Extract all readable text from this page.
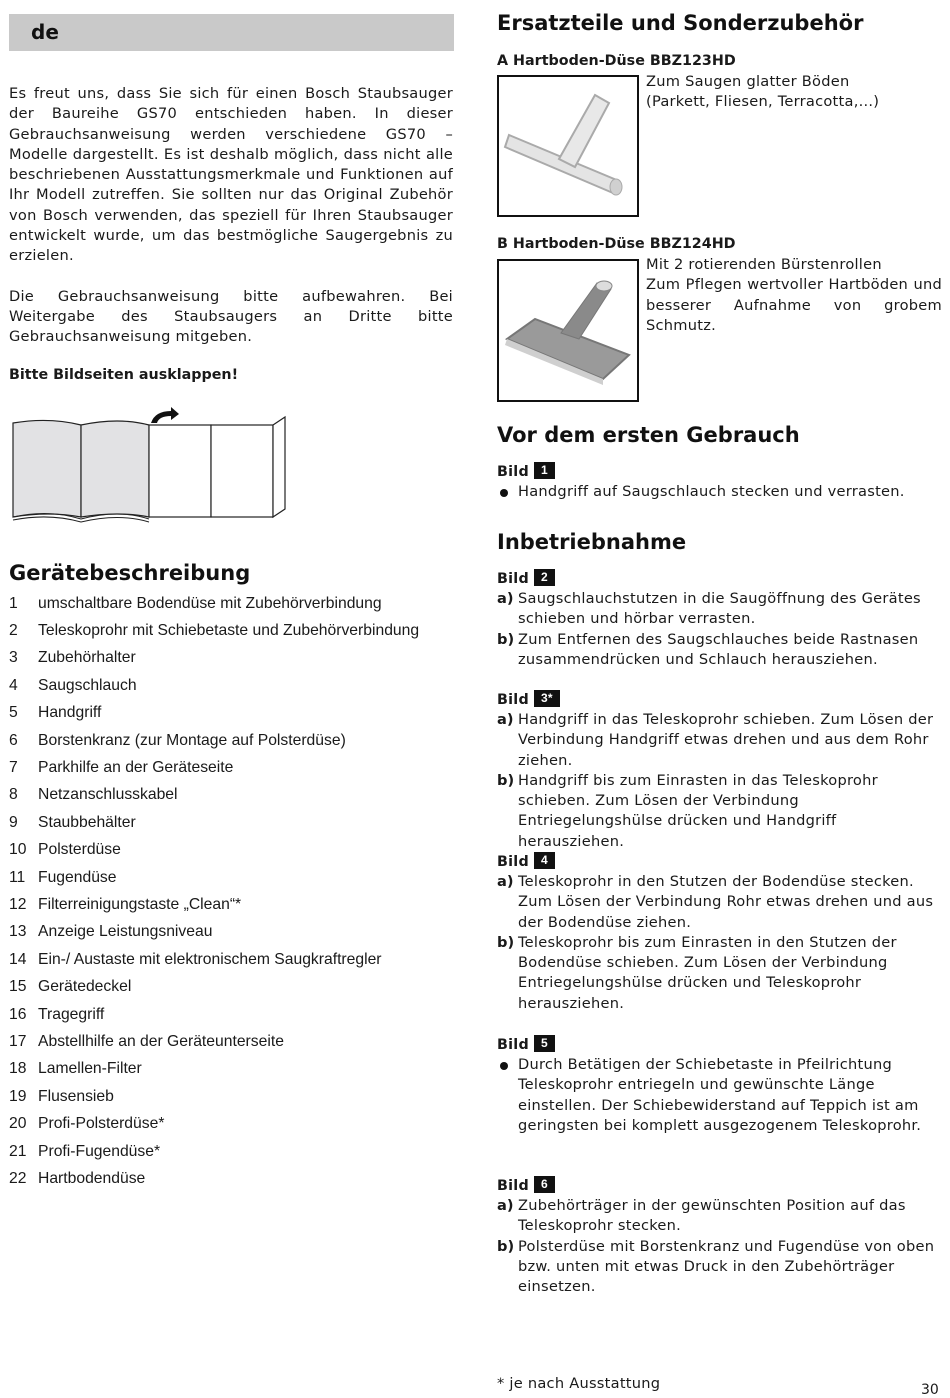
de

Es freut uns, dass Sie sich für einen Bosch Staubsauger der Baureihe GS70 entschieden haben. In dieser Gebrauchsanweisung werden verschiedene GS70 – Modelle dargestellt. Es ist deshalb möglich, dass nicht alle beschriebenen Ausstattungsmerkmale und Funktionen auf Ihr Modell zutreffen. Sie sollten nur das Original Zubehör von Bosch verwenden, das speziell für Ihren Staubsauger entwickelt wurde, um das bestmögliche Saugergebnis zu erzielen.

Die Gebrauchsanweisung bitte aufbewahren. Bei Weitergabe des Staubsaugers an Dritte bitte Gebrauchsanweisung mitgeben.

Bitte Bildseiten ausklappen!
Gerätebeschreibung
1	umschaltbare Bodendüse mit Zubehörverbindung
2	Teleskoprohr mit Schiebetaste und Zubehörverbindung
3	Zubehörhalter
4	Saugschlauch
5	Handgriff
6	Borstenkranz (zur Montage auf Polsterdüse)
7	Parkhilfe an der Geräteseite
8	Netzanschlusskabel
9	Staubbehälter
10 Polsterdüse
11 Fugendüse
12 Filterreinigungstaste „Clean“*
13 Anzeige Leistungsniveau
14 Ein-/ Austaste mit elektronischem Saugkraftregler
15 Gerätedeckel
16 Tragegriff
17 Abstellhilfe an der Geräteunterseite
18 Lamellen-Filter
19 Flusensieb
20 Profi-Polsterdüse*
21 Profi-Fugendüse*
22 Hartbodendüse
Ersatzteile und Sonderzubehör
A Hartboden-Düse BBZ123HD
Zum Saugen glatter Böden
(Parkett, Fliesen, Terracotta,...)
B Hartboden-Düse BBZ124HD
Mit 2 rotierenden Bürstenrollen
Zum Pflegen wertvoller Hartböden und besserer Aufnahme von grobem Schmutz.
Vor dem ersten Gebrauch
Bild	1
Handgriff auf Saugschlauch stecken und verrasten.
Inbetriebnahme
Bild	2
a) Saugschlauchstutzen in die Saugöffnung des Gerätes schieben und hörbar verrasten.
b) Zum Entfernen des Saugschlauches beide Rastnasen zusammendrücken und Schlauch herausziehen.
Bild	3*
a) Handgriff in das Teleskoprohr schieben. Zum Lösen der Verbindung Handgriff etwas drehen und aus dem Rohr ziehen.
b) Handgriff bis zum Einrasten in das Teleskoprohr schieben. Zum Lösen der Verbindung Entriegelungshülse drücken und Handgriff herausziehen.
Bild	4
a) Teleskoprohr in den Stutzen der Bodendüse stecken. Zum Lösen der Verbindung Rohr etwas drehen und aus der Bodendüse ziehen.
b) Teleskoprohr bis zum Einrasten in den Stutzen der Bodendüse schieben. Zum Lösen der Verbindung Entriegelungshülse drücken und Teleskoprohr herausziehen.
Bild	5
Durch Betätigen der Schiebetaste in Pfeilrichtung Teleskoprohr entriegeln und gewünschte Länge einstellen. Der Schiebewiderstand auf Teppich ist am geringsten bei komplett ausgezogenem Teleskoprohr.
Bild	6
a) Zubehörträger in der gewünschten Position auf das Teleskoprohr stecken.
b) Polsterdüse mit Borstenkranz und Fugendüse von oben bzw. unten mit etwas Druck in den Zubehörträger einsetzen.
* je nach Ausstattung	30
